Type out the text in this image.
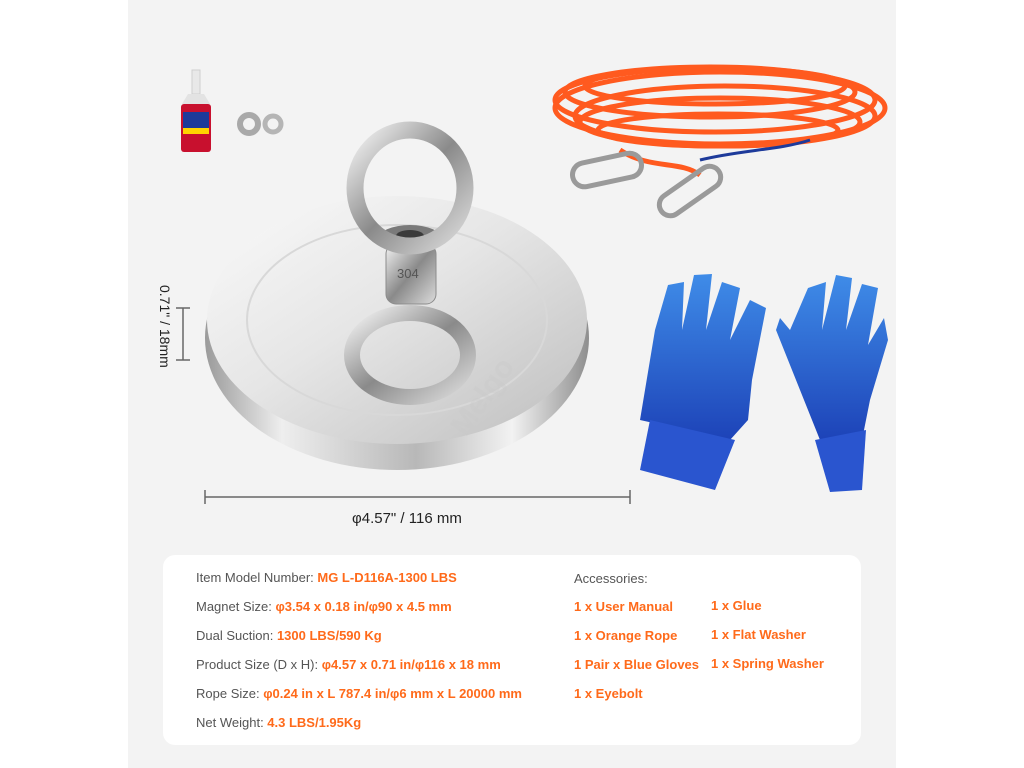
304
0.71" / 18mm
φ4.57" / 116 mm
Item Model Number: MG L-D116A-1300 LBS
Magnet Size: φ3.54 x 0.18 in/φ90 x 4.5 mm
Dual Suction: 1300 LBS/590 Kg
Product Size (D x H): φ4.57 x 0.71 in/φ116 x 18 mm
Rope Size: φ0.24 in x L 787.4 in/φ6 mm x L 20000 mm
Net Weight: 4.3 LBS/1.95Kg
Accessories:
1 x User Manual
1 x Orange Rope
1 Pair x Blue Gloves
1 x Eyebolt
1 x Glue
1 x Flat Washer
1 x Spring Washer
Melgo
